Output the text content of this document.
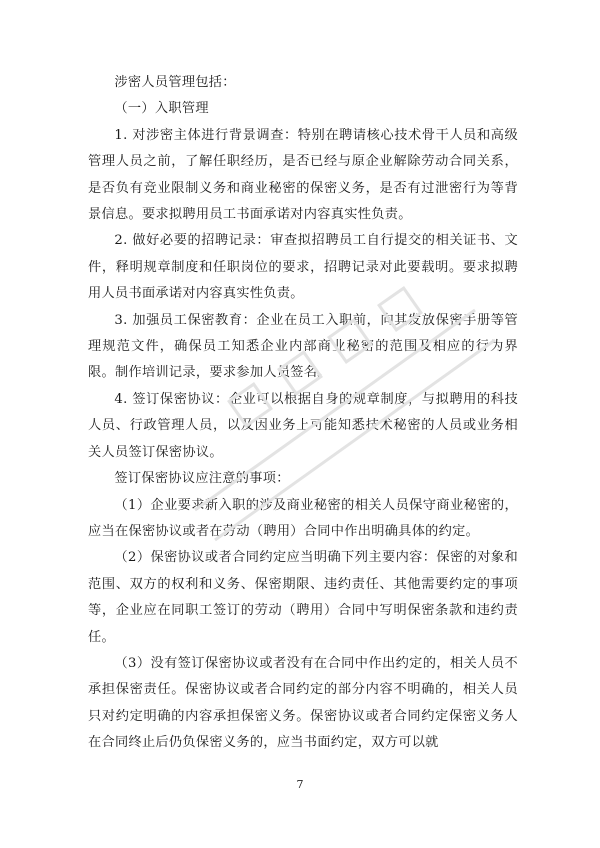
涉密人员管理包括：

（一）入职管理

1. 对涉密主体进行背景调查：特别在聘请核心技术骨干人员和高级管理人员之前，了解任职经历，是否已经与原企业解除劳动合同关系，是否负有竞业限制义务和商业秘密的保密义务，是否有过泄密行为等背景信息。要求拟聘用员工书面承诺对内容真实性负责。

2. 做好必要的招聘记录：审查拟招聘员工自行提交的相关证书、文件，释明规章制度和任职岗位的要求，招聘记录对此要载明。要求拟聘用人员书面承诺对内容真实性负责。

3. 加强员工保密教育：企业在员工入职前，向其发放保密手册等管理规范文件，确保员工知悉企业内部商业秘密的范围及相应的行为界限。制作培训记录，要求参加人员签名。

4. 签订保密协议：企业可以根据自身的规章制度，与拟聘用的科技人员、行政管理人员，以及因业务上可能知悉技术秘密的人员或业务相关人员签订保密协议。

签订保密协议应注意的事项：

（1）企业要求新入职的涉及商业秘密的相关人员保守商业秘密的，应当在保密协议或者在劳动（聘用）合同中作出明确具体的约定。

（2）保密协议或者合同约定应当明确下列主要内容：保密的对象和范围、双方的权利和义务、保密期限、违约责任、其他需要约定的事项等，企业应在同职工签订的劳动（聘用）合同中写明保密条款和违约责任。

（3）没有签订保密协议或者没有在合同中作出约定的，相关人员不承担保密责任。保密协议或者合同约定的部分内容不明确的，相关人员只对约定明确的内容承担保密义务。保密协议或者合同约定保密义务人在合同终止后仍负保密义务的，应当书面约定，双方可以就

7
